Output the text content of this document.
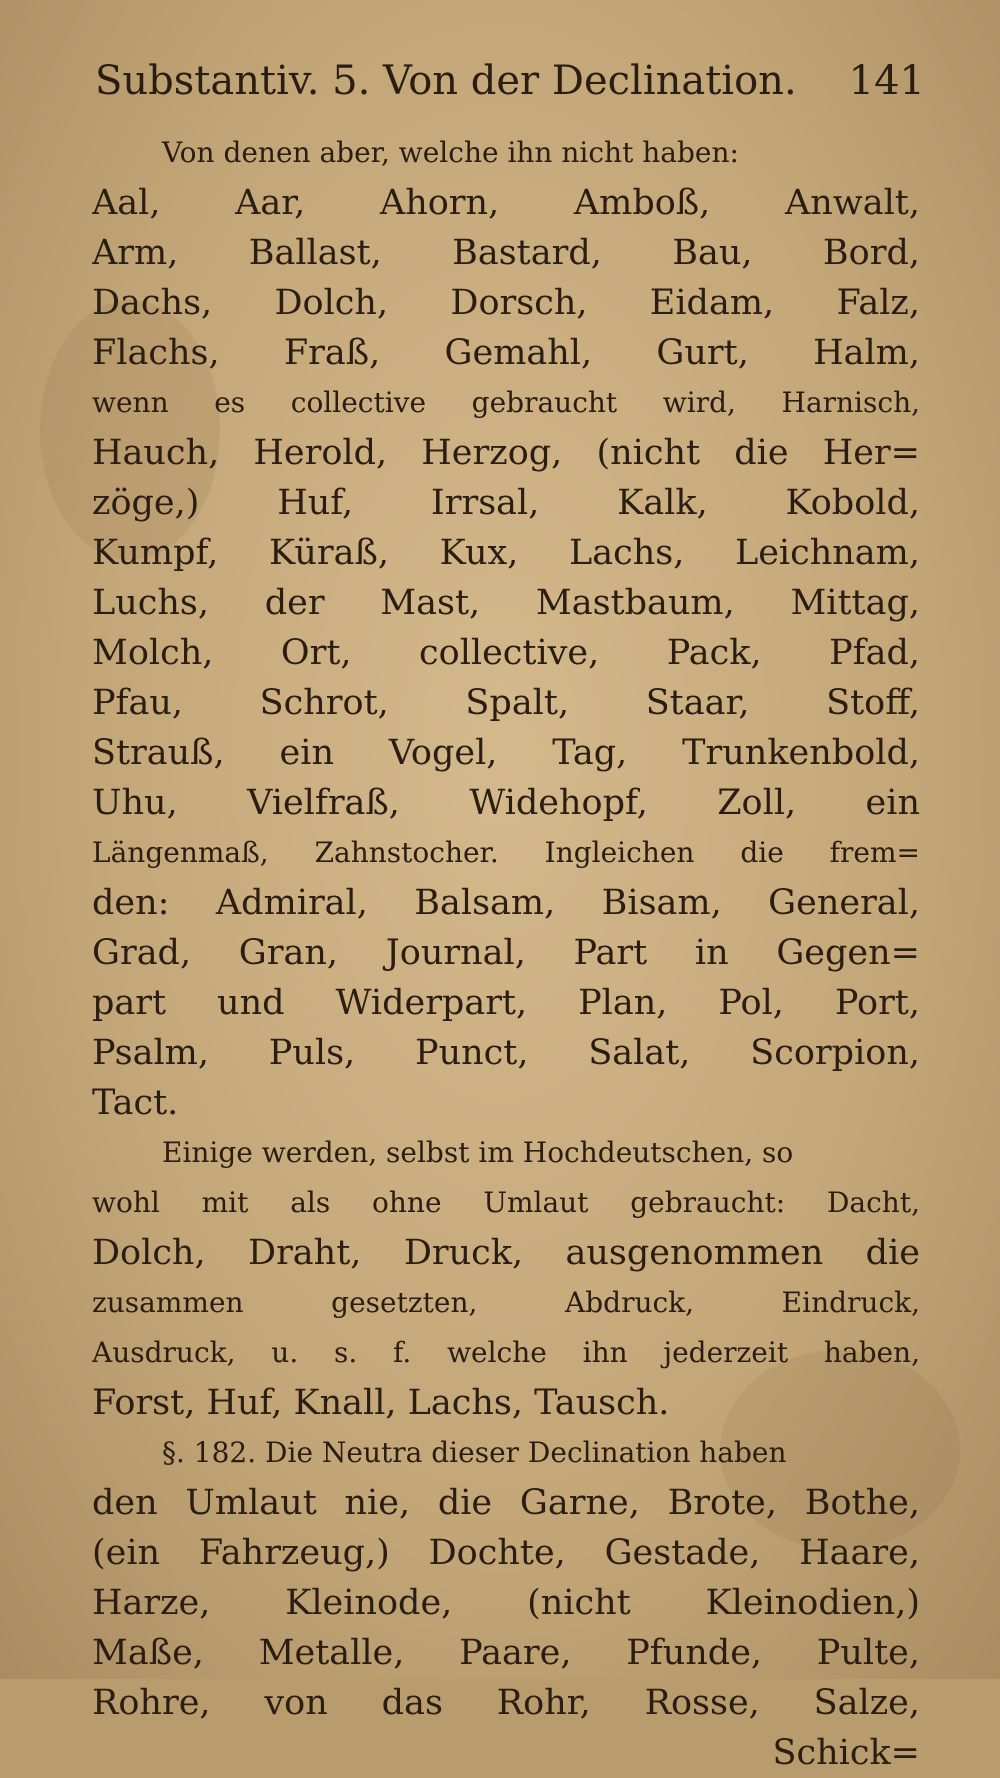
Substantiv. 5. Von der Declination. 141
Von denen aber, welche ihn nicht haben:
Aal, Aar, Ahorn, Amboß, Anwalt,
Arm, Ballast, Bastard, Bau, Bord,
Dachs, Dolch, Dorsch, Eidam, Falz,
Flachs, Fraß, Gemahl, Gurt, Halm,
wenn es collective gebraucht wird, Harnisch,
Hauch, Herold, Herzog, (nicht die Her=
zöge,) Huf, Irrsal, Kalk, Kobold,
Kumpf, Küraß, Kux, Lachs, Leichnam,
Luchs, der Mast, Mastbaum, Mittag,
Molch, Ort, collective, Pack, Pfad,
Pfau, Schrot, Spalt, Staar, Stoff,
Strauß, ein Vogel, Tag, Trunkenbold,
Uhu, Vielfraß, Widehopf, Zoll, ein
Längenmaß, Zahnstocher. Ingleichen die frem=
den: Admiral, Balsam, Bisam, General,
Grad, Gran, Journal, Part in Gegen=
part und Widerpart, Plan, Pol, Port,
Psalm, Puls, Punct, Salat, Scorpion,
Tact.
Einige werden, selbst im Hochdeutschen, so
wohl mit als ohne Umlaut gebraucht: Dacht,
Dolch, Draht, Druck, ausgenommen die
zusammen gesetzten, Abdruck, Eindruck,
Ausdruck, u. s. f. welche ihn jederzeit haben,
Forst, Huf, Knall, Lachs, Tausch.
§. 182. Die Neutra dieser Declination haben
den Umlaut nie, die Garne, Brote, Bothe,
(ein Fahrzeug,) Dochte, Gestade, Haare,
Harze, Kleinode, (nicht Kleinodien,)
Maße, Metalle, Paare, Pfunde, Pulte,
Rohre, von das Rohr, Rosse, Salze,
Schick=
